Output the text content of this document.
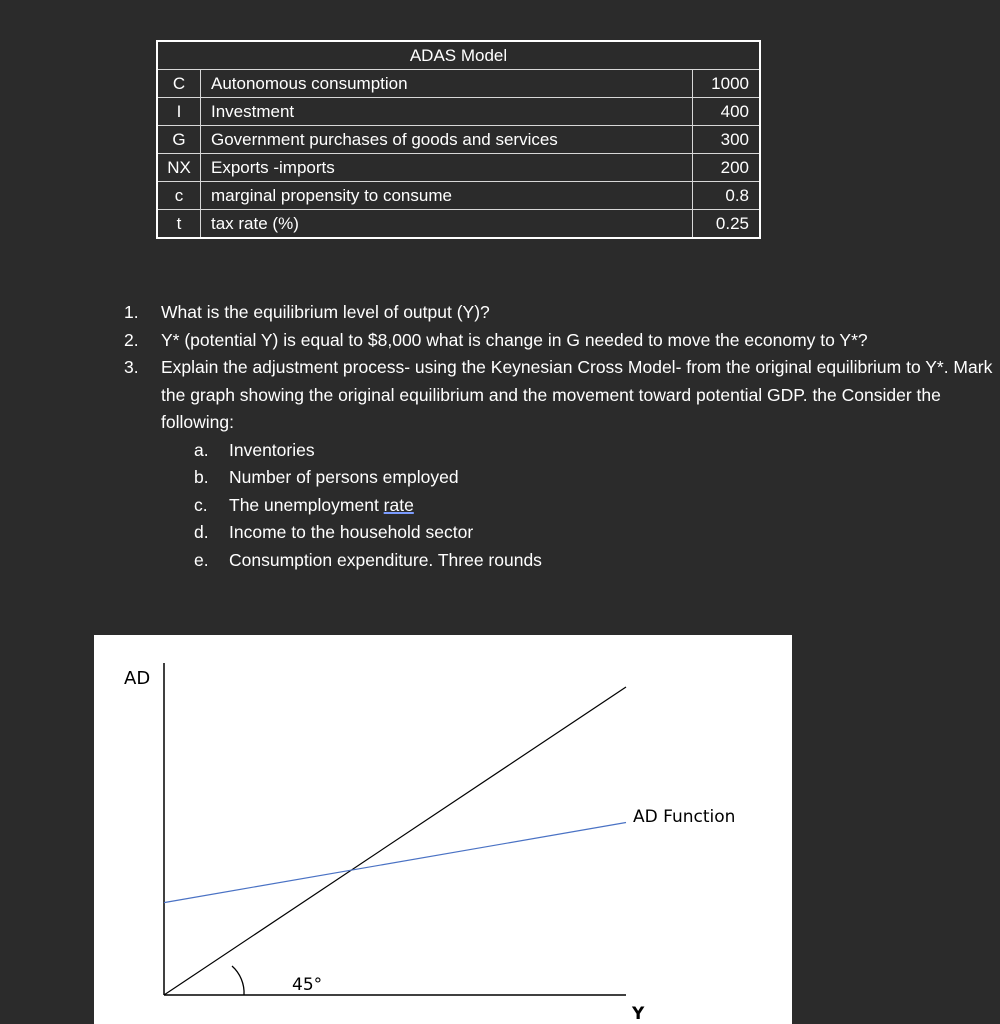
ADAS Model		
C	Autonomous consumption	1000
I	Investment	400
G	Government purchases of goods and services	300
NX	Exports -imports	200
c	marginal propensity to consume	0.8
t	tax rate (%)	0.25
1.	What is the equilibrium level of output (Y)?
2.	Y* (potential Y) is equal to $8,000 what is change in G needed to move the economy to Y*?
3.	Explain the adjustment process- using the Keynesian Cross Model- from the original equilibrium to Y*. Mark the graph showing the original equilibrium and the movement toward potential GDP. the Consider the following:
a.	Inventories
b.	Number of persons employed
c.	The unemployment rate
d.	Income to the household sector
e.	Consumption expenditure. Three rounds
AD
Y
AD Function
45°
